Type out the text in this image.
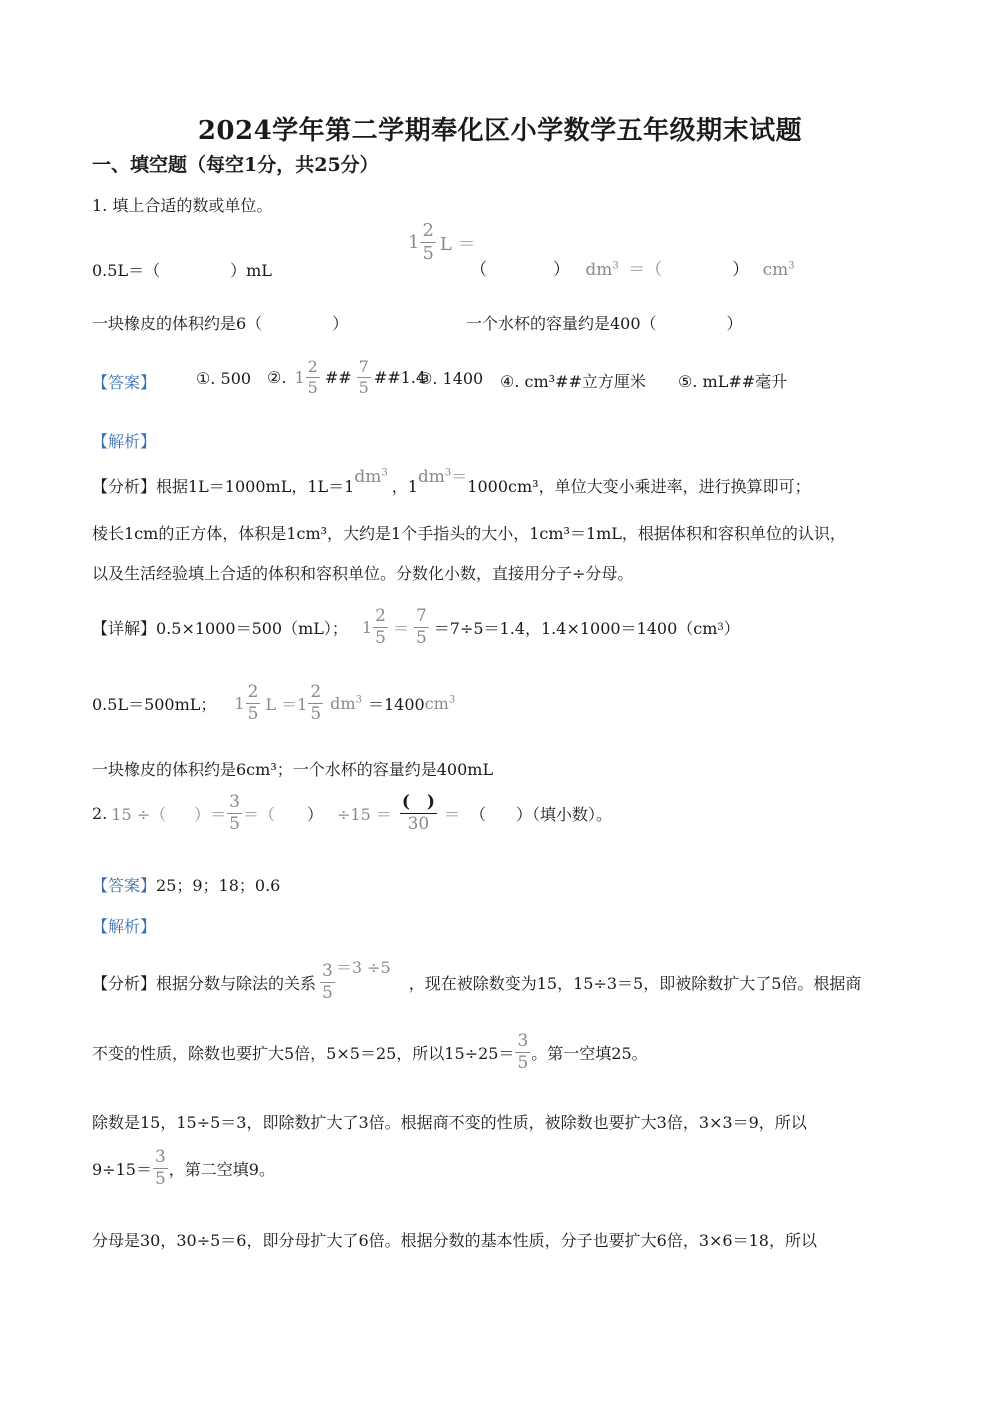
2024学年第二学期奉化区小学数学五年级期末试题
一、填空题（每空1分，共25分）
1. 填上合适的数或单位。
0.5L＝（	）mL
$1 \frac{2}{5}$ L ＝
（	） $dm^3$ ＝（	） $cm^3$
一块橡皮的体积约是6（	）	一个水杯的容量约是400（	）
【答案】 ①. 500 ②. $1 \frac{2}{5}$ ## $\frac{7}{5}$ ##1.4
③. 1400 ④. cm³##立方厘米 ⑤. mL##毫升
【解析】
【分析】根据1L＝1000mL，$1L=1dm^3$，$1dm^3=1000cm^3$，单位大变小乘进率，进行换算即可；
棱长1cm的正方体，体积是1cm³，大约是1个手指头的大小，1cm³＝1mL，根据体积和容积单位的认识，
以及生活经验填上合适的体积和容积单位。分数化小数，直接用分子÷分母。
【详解】0.5×1000＝500（mL）； $1 \frac{2}{5} = \frac{7}{5} =7\div 5=1.4$，1.4×1000＝1400（cm 3 ）
0.5L＝500mL； $1 \frac{2}{5}$ $L =1 \frac{2}{5} dm^3 =1400$ $cm^3$
一块橡皮的体积约是6cm³；一个水杯的容量约是400mL
2. 15 ÷（ ）＝ $\frac{3}{5}$ ＝（ ） $\div 15 = \frac{( )}{30}$ ＝ （ ）（填小数）。
【答案】25；9；18；0.6
【解析】
【分析】根据分数与除法的关系 $\frac{3}{5} =3 \div 5$
，现在被除数变为15，15÷3＝5，即被除数扩大了5倍。根据商
不变的性质，除数也要扩大5倍，5×5＝25，所以$15\div 25= \frac{3}{5}$ 。第一空填25。
除数是15，15÷5＝3，即除数扩大了3倍。根据商不变的性质，被除数也要扩大3倍，3×3＝9，所以
$9\div 15= \frac{3}{5}$ ，第二空填9。
分母是30，30÷5＝6，即分母扩大了6倍。根据分数的基本性质，分子也要扩大6倍，3×6＝18，所以
